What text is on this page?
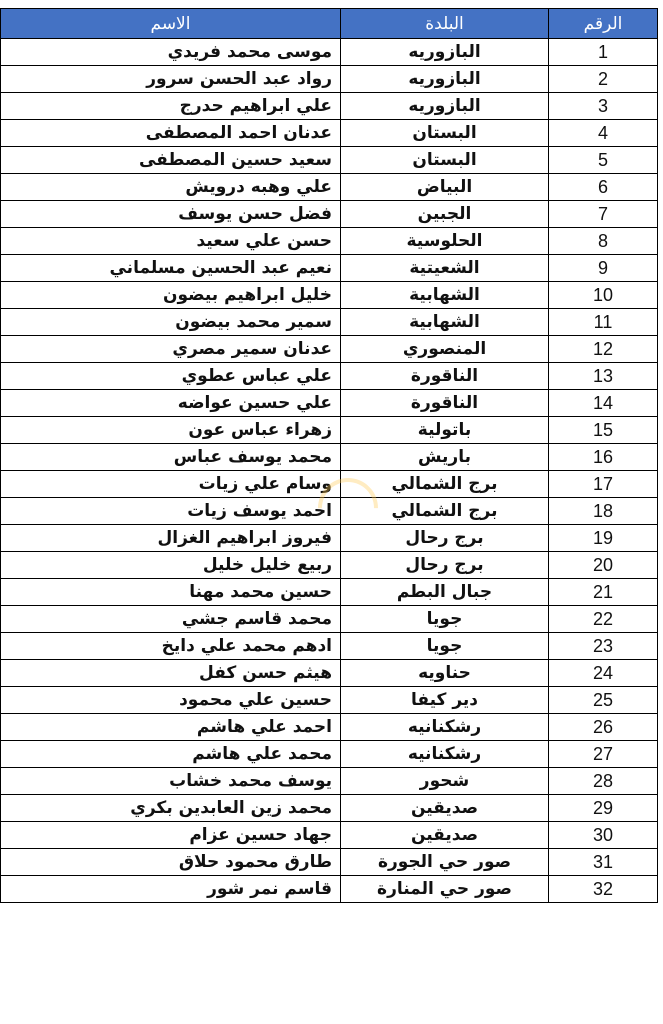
الرقم	البلدة	الاسم
1	البازوريه	موسى محمد فريدي
2	البازوريه	رواد عبد الحسن سرور
3	البازوريه	علي ابراهيم حدرج
4	البستان	عدنان احمد المصطفى
5	البستان	سعيد حسين المصطفى
6	البياض	علي وهبه درويش
7	الجبين	فضل حسن يوسف
8	الحلوسية	حسن علي سعيد
9	الشعيتية	نعيم عبد الحسين مسلماني
10	الشهابية	خليل ابراهيم بيضون
11	الشهابية	سمير محمد بيضون
12	المنصوري	عدنان سمير مصري
13	الناقورة	علي عباس عطوي
14	الناقورة	علي حسين عواضه
15	باتولية	زهراء عباس عون
16	باريش	محمد يوسف عباس
17	برج الشمالي	وسام علي زيات
18	برج الشمالي	احمد يوسف زيات
19	برج رحال	فيروز ابراهيم الغزال
20	برج رحال	ربيع خليل خليل
21	جبال البطم	حسين محمد مهنا
22	جويا	محمد قاسم جشي
23	جويا	ادهم محمد علي دايخ
24	حناويه	هيثم حسن كفل
25	دير كيفا	حسين علي محمود
26	رشكنانيه	احمد علي هاشم
27	رشكنانيه	محمد علي هاشم
28	شحور	يوسف محمد خشاب
29	صديقين	محمد زين العابدين بكري
30	صديقين	جهاد حسين عزام
31	صور حي الجورة	طارق محمود حلاق
32	صور حي المنارة	قاسم نمر شور
